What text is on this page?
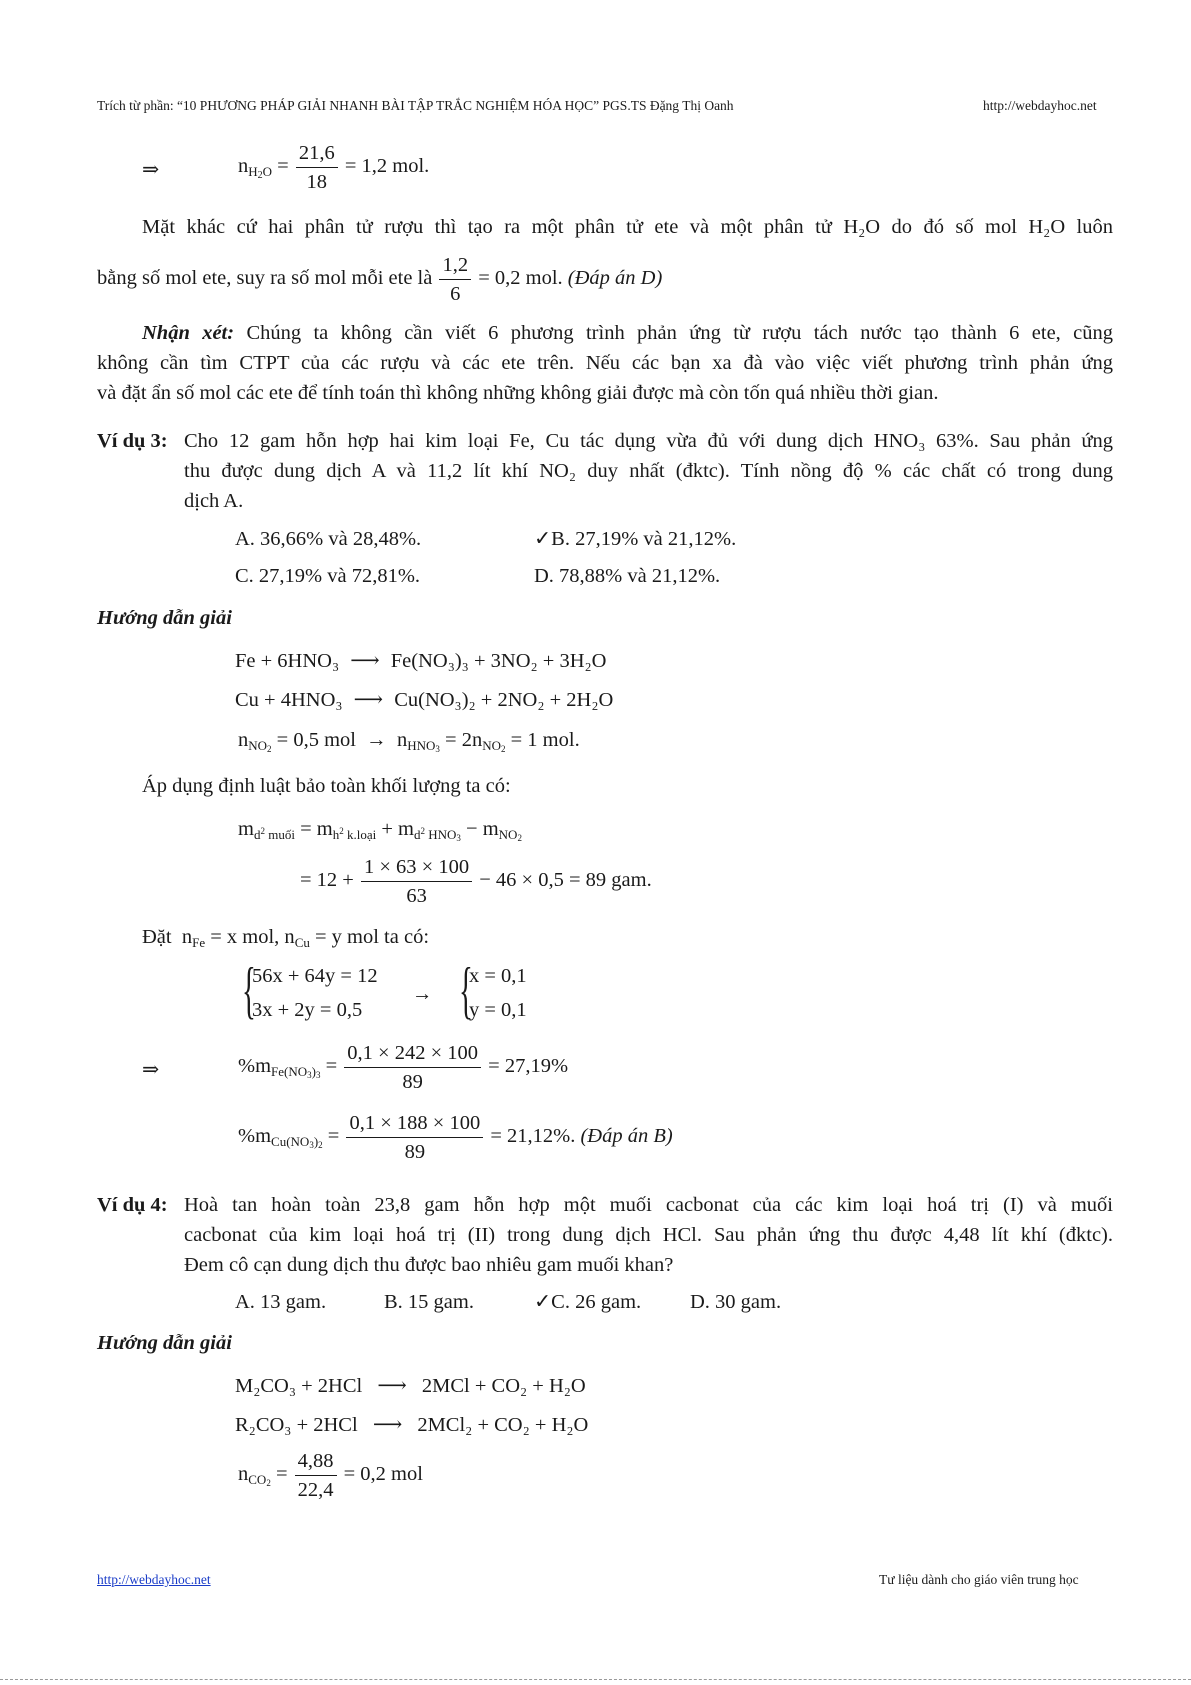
Trích từ phần: “10 PHƯƠNG PHÁP GIẢI NHANH BÀI TẬP TRẮC NGHIỆM HÓA HỌC” PGS.TS Đặng Thị Oanh	http://webdayhoc.net
⇒	$n_{H_2O} = \frac{21,6}{18} = 1,2$ mol.
Mặt khác cứ hai phân tử rượu thì tạo ra một phân tử ete và một phân tử H₂O do đó số mol H₂O luôn
bằng số mol ete, suy ra số mol mỗi ete là $\frac{1,2}{6} = 0,2$ mol. (Đáp án D)
Nhận xét: Chúng ta không cần viết 6 phương trình phản ứng từ rượu tách nước tạo thành 6 ete, cũng
không cần tìm CTPT của các rượu và các ete trên. Nếu các bạn xa đà vào việc viết phương trình phản ứng
và đặt ẩn số mol các ete để tính toán thì không những không giải được mà còn tốn quá nhiều thời gian.
Ví dụ 3: Cho 12 gam hỗn hợp hai kim loại Fe, Cu tác dụng vừa đủ với dung dịch HNO₃ 63%. Sau phản ứng
thu được dung dịch A và 11,2 lít khí NO₂ duy nhất (đktc). Tính nồng độ % các chất có trong dung
dịch A.
A. 36,66% và 28,48%.	✓B. 27,19% và 21,12%.
C. 27,19% và 72,81%.	D. 78,88% và 21,12%.
Hướng dẫn giải
Fe + 6HNO₃ ⟶ Fe(NO₃)₃ + 3NO₂ + 3H₂O
Cu + 4HNO₃ ⟶ Cu(NO₃)₂ + 2NO₂ + 2H₂O
$n_{NO_2} = 0,5$ mol  →  $n_{HNO_3} = 2n_{NO_2} = 1$ mol.
Áp dụng định luật bảo toàn khối lượng ta có:
$m_{d^2 muối} = m_{h^2 k.loại} + m_{d^2 HNO_3} - m_{NO_2}$
= $12 + \frac{1 \times 63 \times 100}{63} - 46 \times 0,5 = 89$ gam.
Đặt  $n_{Fe} = x$ mol, $n_{Cu} = y$ mol ta có:
{
56x + 64y = 12
3x + 2y = 0,5
→ {
x = 0,1
y = 0,1
⇒	$\%m_{Fe(NO_3)_3} = \frac{0,1 \times 242 \times 100}{89} = 27,19\%$
$\%m_{Cu(NO_3)_2} = \frac{0,1 \times 188 \times 100}{89} = 21,12\%$. (Đáp án B)
Ví dụ 4: Hoà tan hoàn toàn 23,8 gam hỗn hợp một muối cacbonat của các kim loại hoá trị (I) và muối
cacbonat của kim loại hoá trị (II) trong dung dịch HCl. Sau phản ứng thu được 4,48 lít khí (đktc).
Đem cô cạn dung dịch thu được bao nhiêu gam muối khan?
A. 13 gam.	B. 15 gam.	✓C. 26 gam. D. 30 gam.
Hướng dẫn giải
M₂CO₃ + 2HCl ⟶ 2MCl + CO₂ + H₂O
R₂CO₃ + 2HCl ⟶ 2MCl₂ + CO₂ + H₂O
$n_{CO_2} = \frac{4,88}{22,4} = 0,2$ mol
http://webdayhoc.net	Tư liệu dành cho giáo viên trung học
